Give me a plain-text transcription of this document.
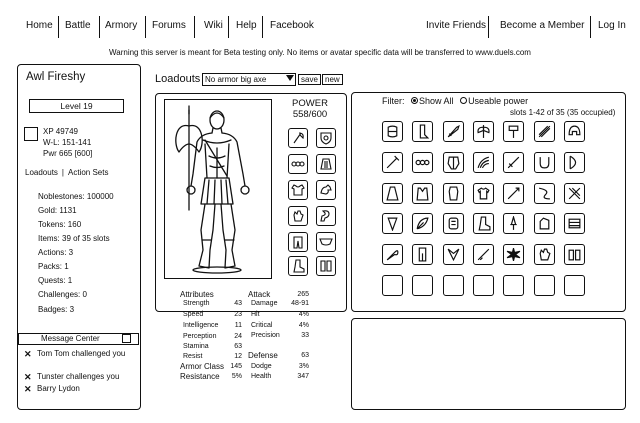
Home Battle Armory Forums Wiki Help Facebook	Invite Friends Become a Member Log In
Warning this server is meant for Beta testing only. No items or avatar specific data will be transferred to www.duels.com
Awl Fireshy
Level 19
XP 49749
W-L: 151-141
Pwr 665 [600]
Loadouts | Action Sets
Noblestones: 100000
Gold: 1131
Tokens: 160
Items: 39 of 35 slots
Actions: 3
Packs: 1
Quests: 1
Challenges: 0
Badges: 3
Message Center
✕ Tom Tom challenged you
✕ Tunster challenges you
✕ Barry Lydon
Loadouts No armor big axe	save new
POWER
558/600
Attributes
Strength	43
Speed	23
Intelligence	11
Perception	24
Stamina	63
Resist	12
Armor Class 145
Resistance	5%
Attack	265
Damage	48-91
Hit	4%
Critical	4%
Precision	33
Defense	63
Dodge	3%
Health	347
Filter: Show All Useable power
slots 1-42 of 35 (35 occupied)
